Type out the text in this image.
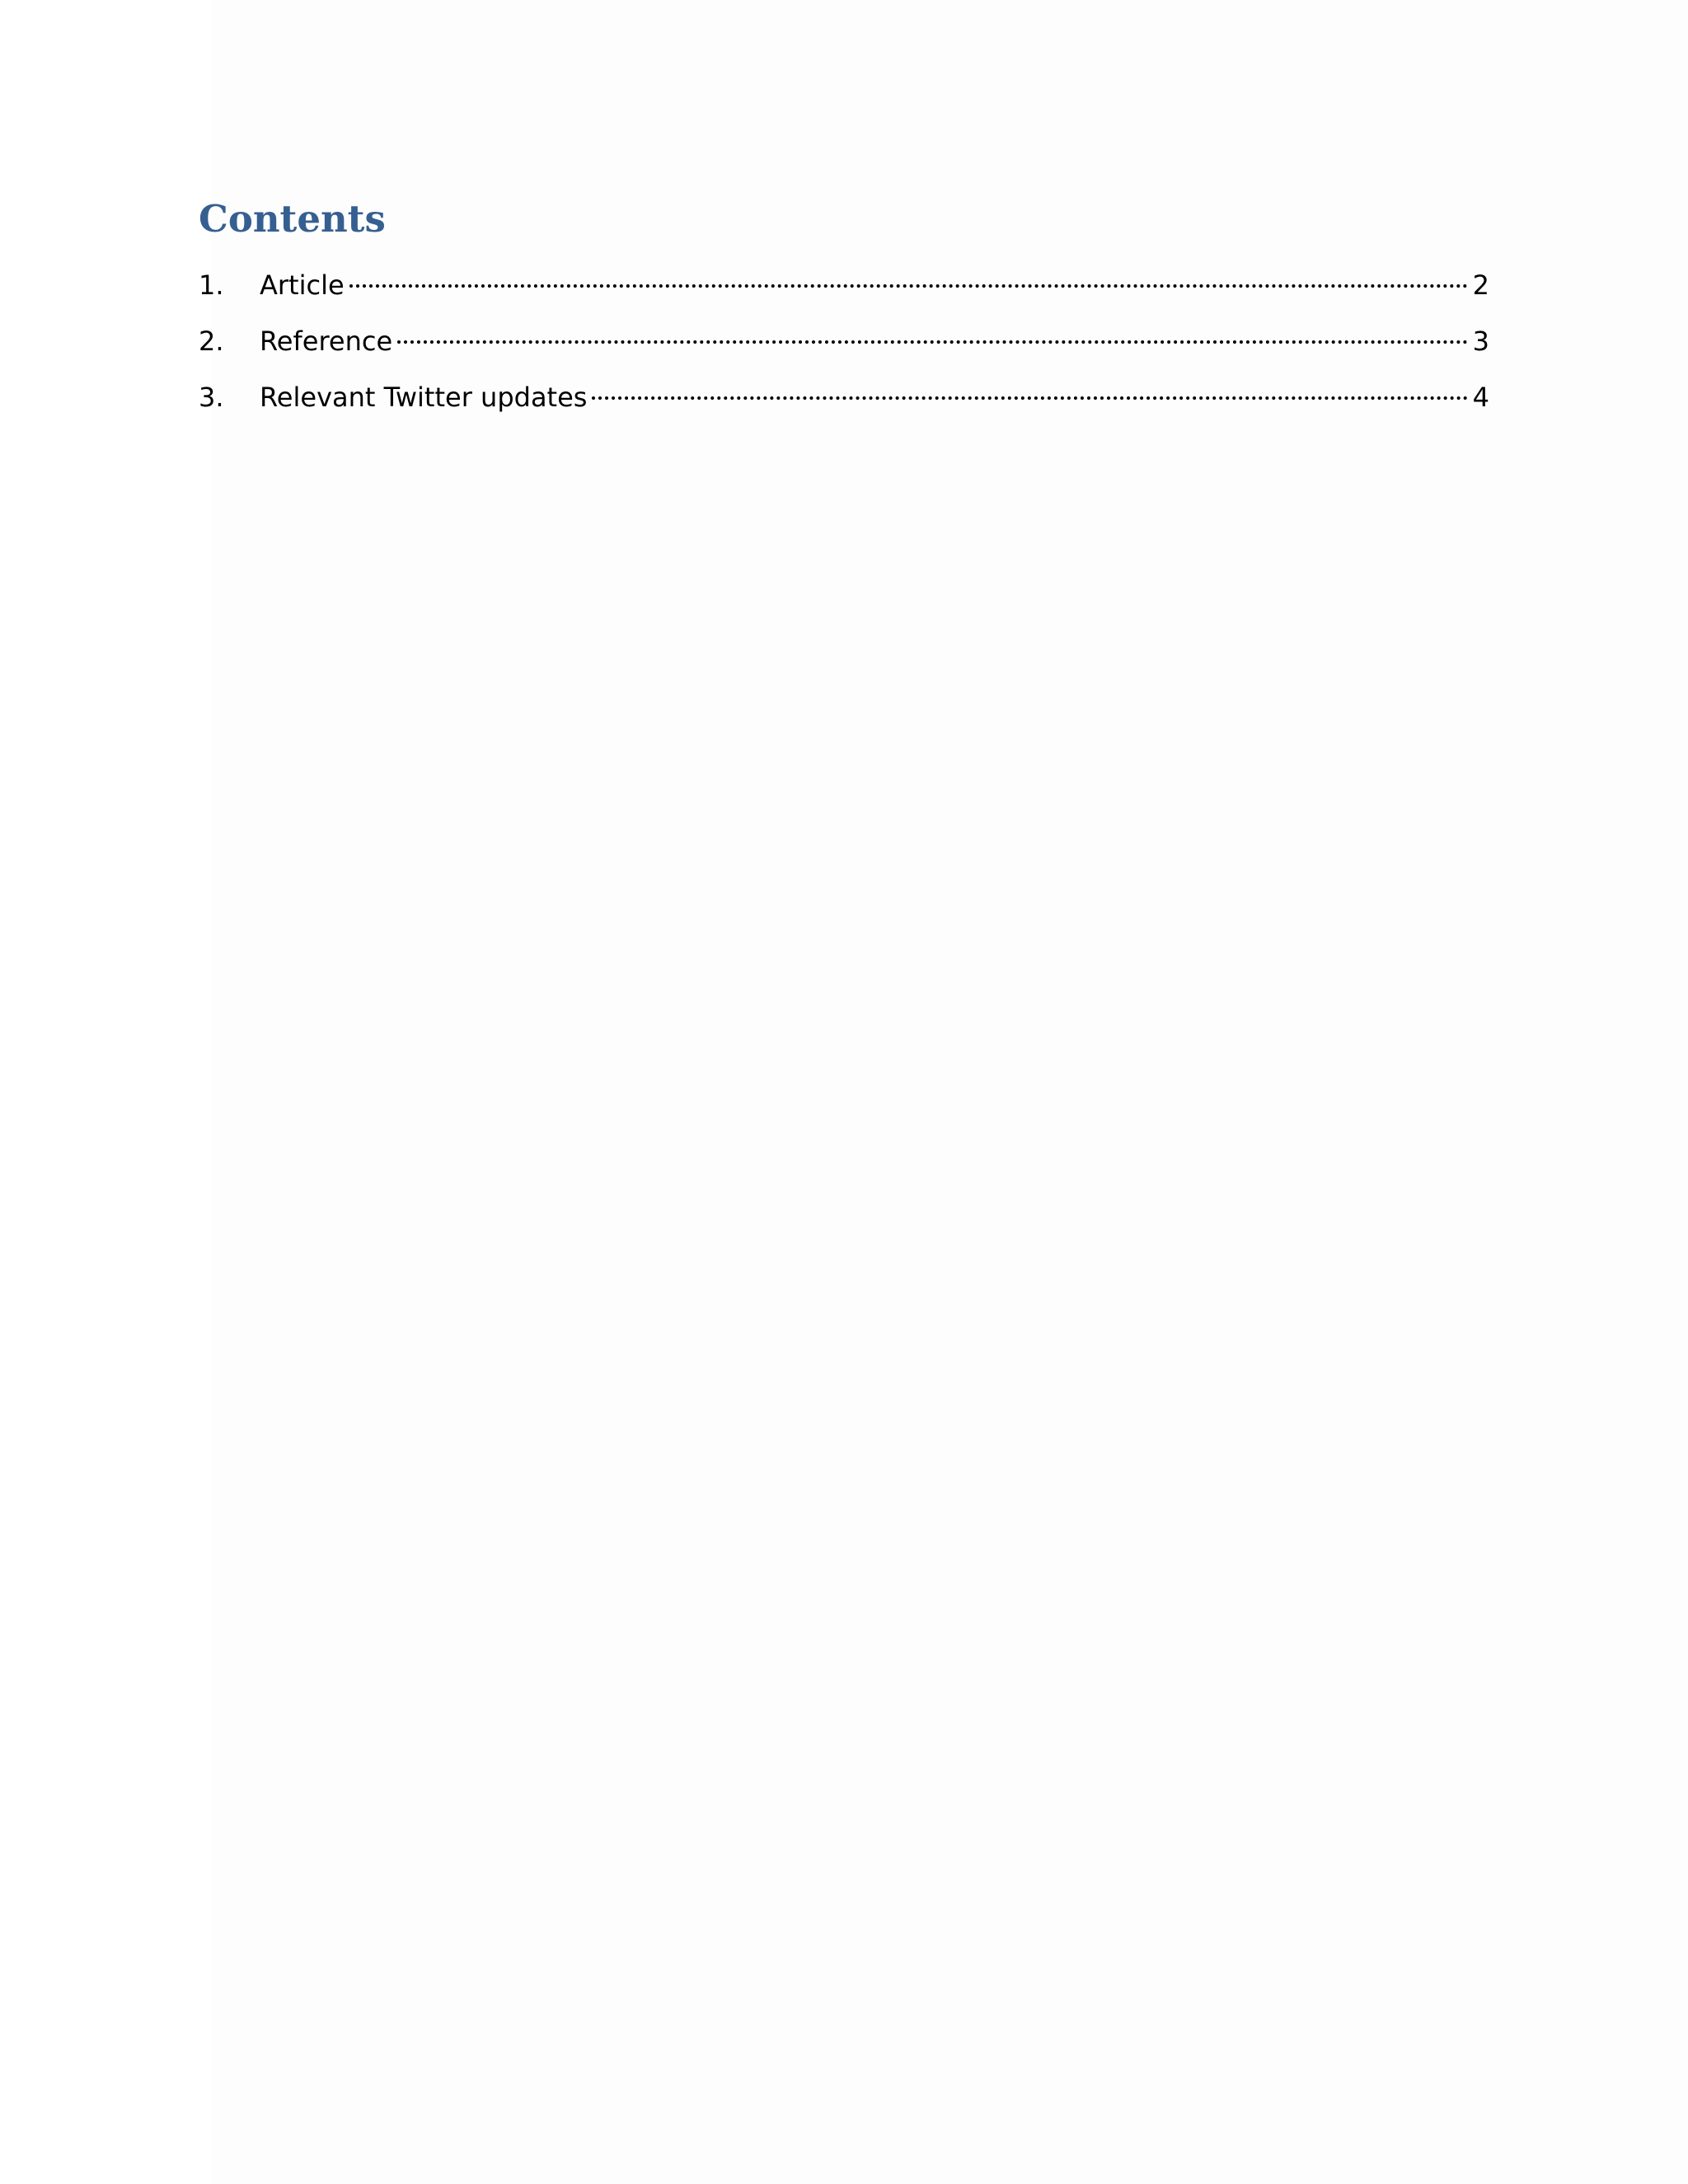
Contents
1.	Article	2
2.	Reference	3
3.	Relevant Twitter updates	4
